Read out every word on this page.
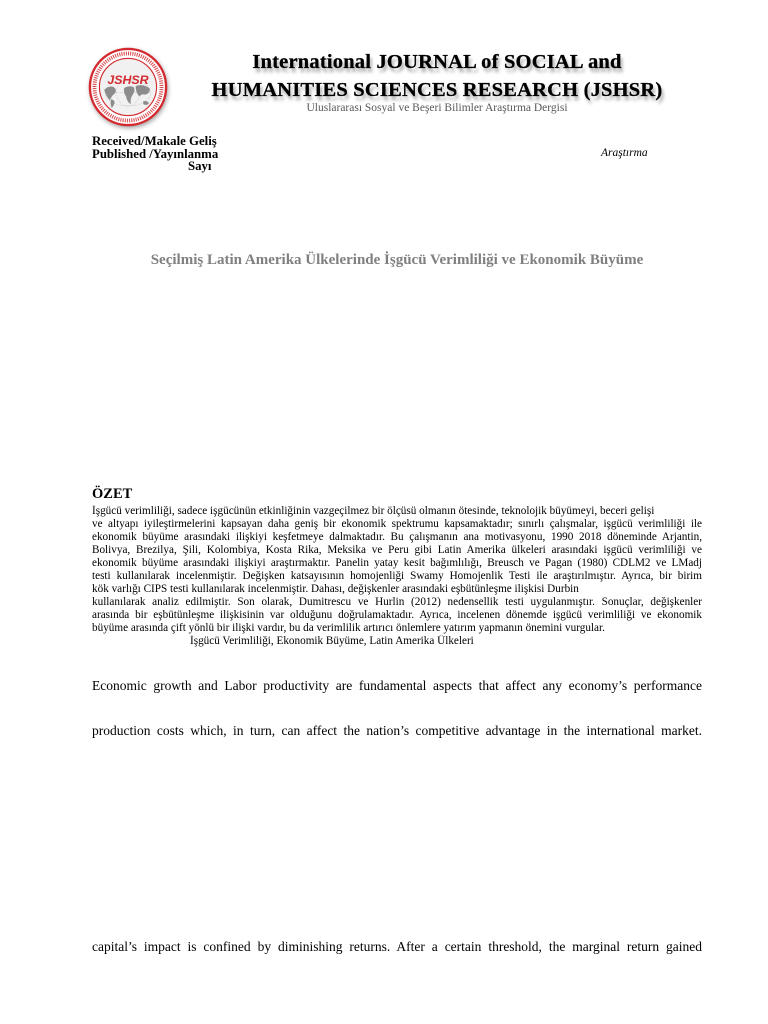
JSHSR
International JOURNAL of SOCIAL and
HUMANITIES SCIENCES RESEARCH (JSHSR)
Uluslararası Sosyal ve Beşeri Bilimler Araştırma Dergisi
Received/Makale Geliş
Published /Yayınlanma
Sayı
Araştırma
Seçilmiş Latin Amerika Ülkelerinde İşgücü Verimliliği ve Ekonomik Büyüme
ÖZET
İşgücü verimliliği, sadece işgücünün etkinliğinin vazgeçilmez bir ölçüsü olmanın ötesinde, teknolojik büyümeyi, beceri gelişi
ve altyapı iyileştirmelerini kapsayan daha geniş bir ekonomik spektrumu kapsamaktadır; sınırlı çalışmalar, işgücü verimliliği ile
ekonomik büyüme arasındaki ilişkiyi keşfetmeye dalmaktadır. Bu çalışmanın ana motivasyonu, 1990 2018 döneminde Arjantin,
Bolivya, Brezilya, Şili, Kolombiya, Kosta Rika, Meksika ve Peru gibi Latin Amerika ülkeleri arasındaki işgücü verimliliği ve
ekonomik büyüme arasındaki ilişkiyi araştırmaktır. Panelin yatay kesit bağımlılığı, Breusch ve Pagan (1980) CDLM2 ve LMadj
testi kullanılarak incelenmiştir. Değişken katsayısının homojenliği Swamy Homojenlik Testi ile araştırılmıştır. Ayrıca, bir birim
kök varlığı CIPS testi kullanılarak incelenmiştir. Dahası, değişkenler arasındaki eşbütünleşme ilişkisi Durbin
kullanılarak analiz edilmiştir. Son olarak, Dumitrescu ve Hurlin (2012) nedensellik testi uygulanmıştır. Sonuçlar, değişkenler
arasında bir eşbütünleşme ilişkisinin var olduğunu doğrulamaktadır. Ayrıca, incelenen dönemde işgücü verimliliği ve ekonomik
büyüme arasında çift yönlü bir ilişki vardır, bu da verimlilik artırıcı önlemlere yatırım yapmanın önemini vurgular.
İşgücü Verimliliği, Ekonomik Büyüme, Latin Amerika Ülkeleri
Economic growth and Labor productivity are fundamental aspects that affect any economy’s performance
production costs which, in turn, can affect the nation’s competitive advantage in the international market.
capital’s impact is confined by diminishing returns. After a certain threshold, the marginal return gained
